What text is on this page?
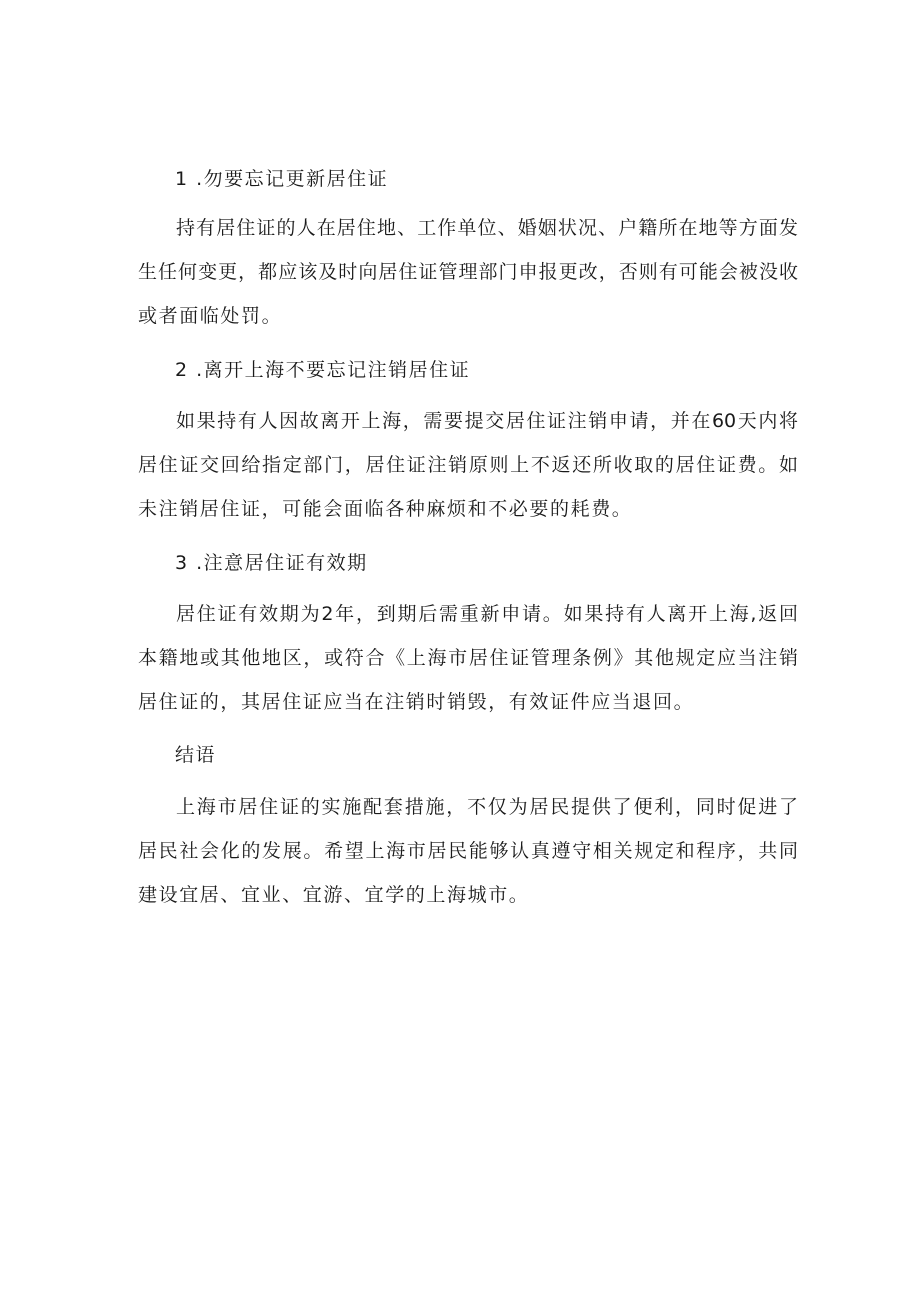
1 .勿要忘记更新居住证
持有居住证的人在居住地、工作单位、婚姻状况、户籍所在地等方面发
生任何变更，都应该及时向居住证管理部门申报更改，否则有可能会被没收
或者面临处罚。
2 .离开上海不要忘记注销居住证
如果持有人因故离开上海，需要提交居住证注销申请，并在60天内将
居住证交回给指定部门，居住证注销原则上不返还所收取的居住证费。如
未注销居住证，可能会面临各种麻烦和不必要的耗费。
3 .注意居住证有效期
居住证有效期为2年，到期后需重新申请。如果持有人离开上海,返回
本籍地或其他地区，或符合《上海市居住证管理条例》其他规定应当注销
居住证的，其居住证应当在注销时销毁，有效证件应当退回。
结语
上海市居住证的实施配套措施，不仅为居民提供了便利，同时促进了
居民社会化的发展。希望上海市居民能够认真遵守相关规定和程序，共同
建设宜居、宜业、宜游、宜学的上海城市。
